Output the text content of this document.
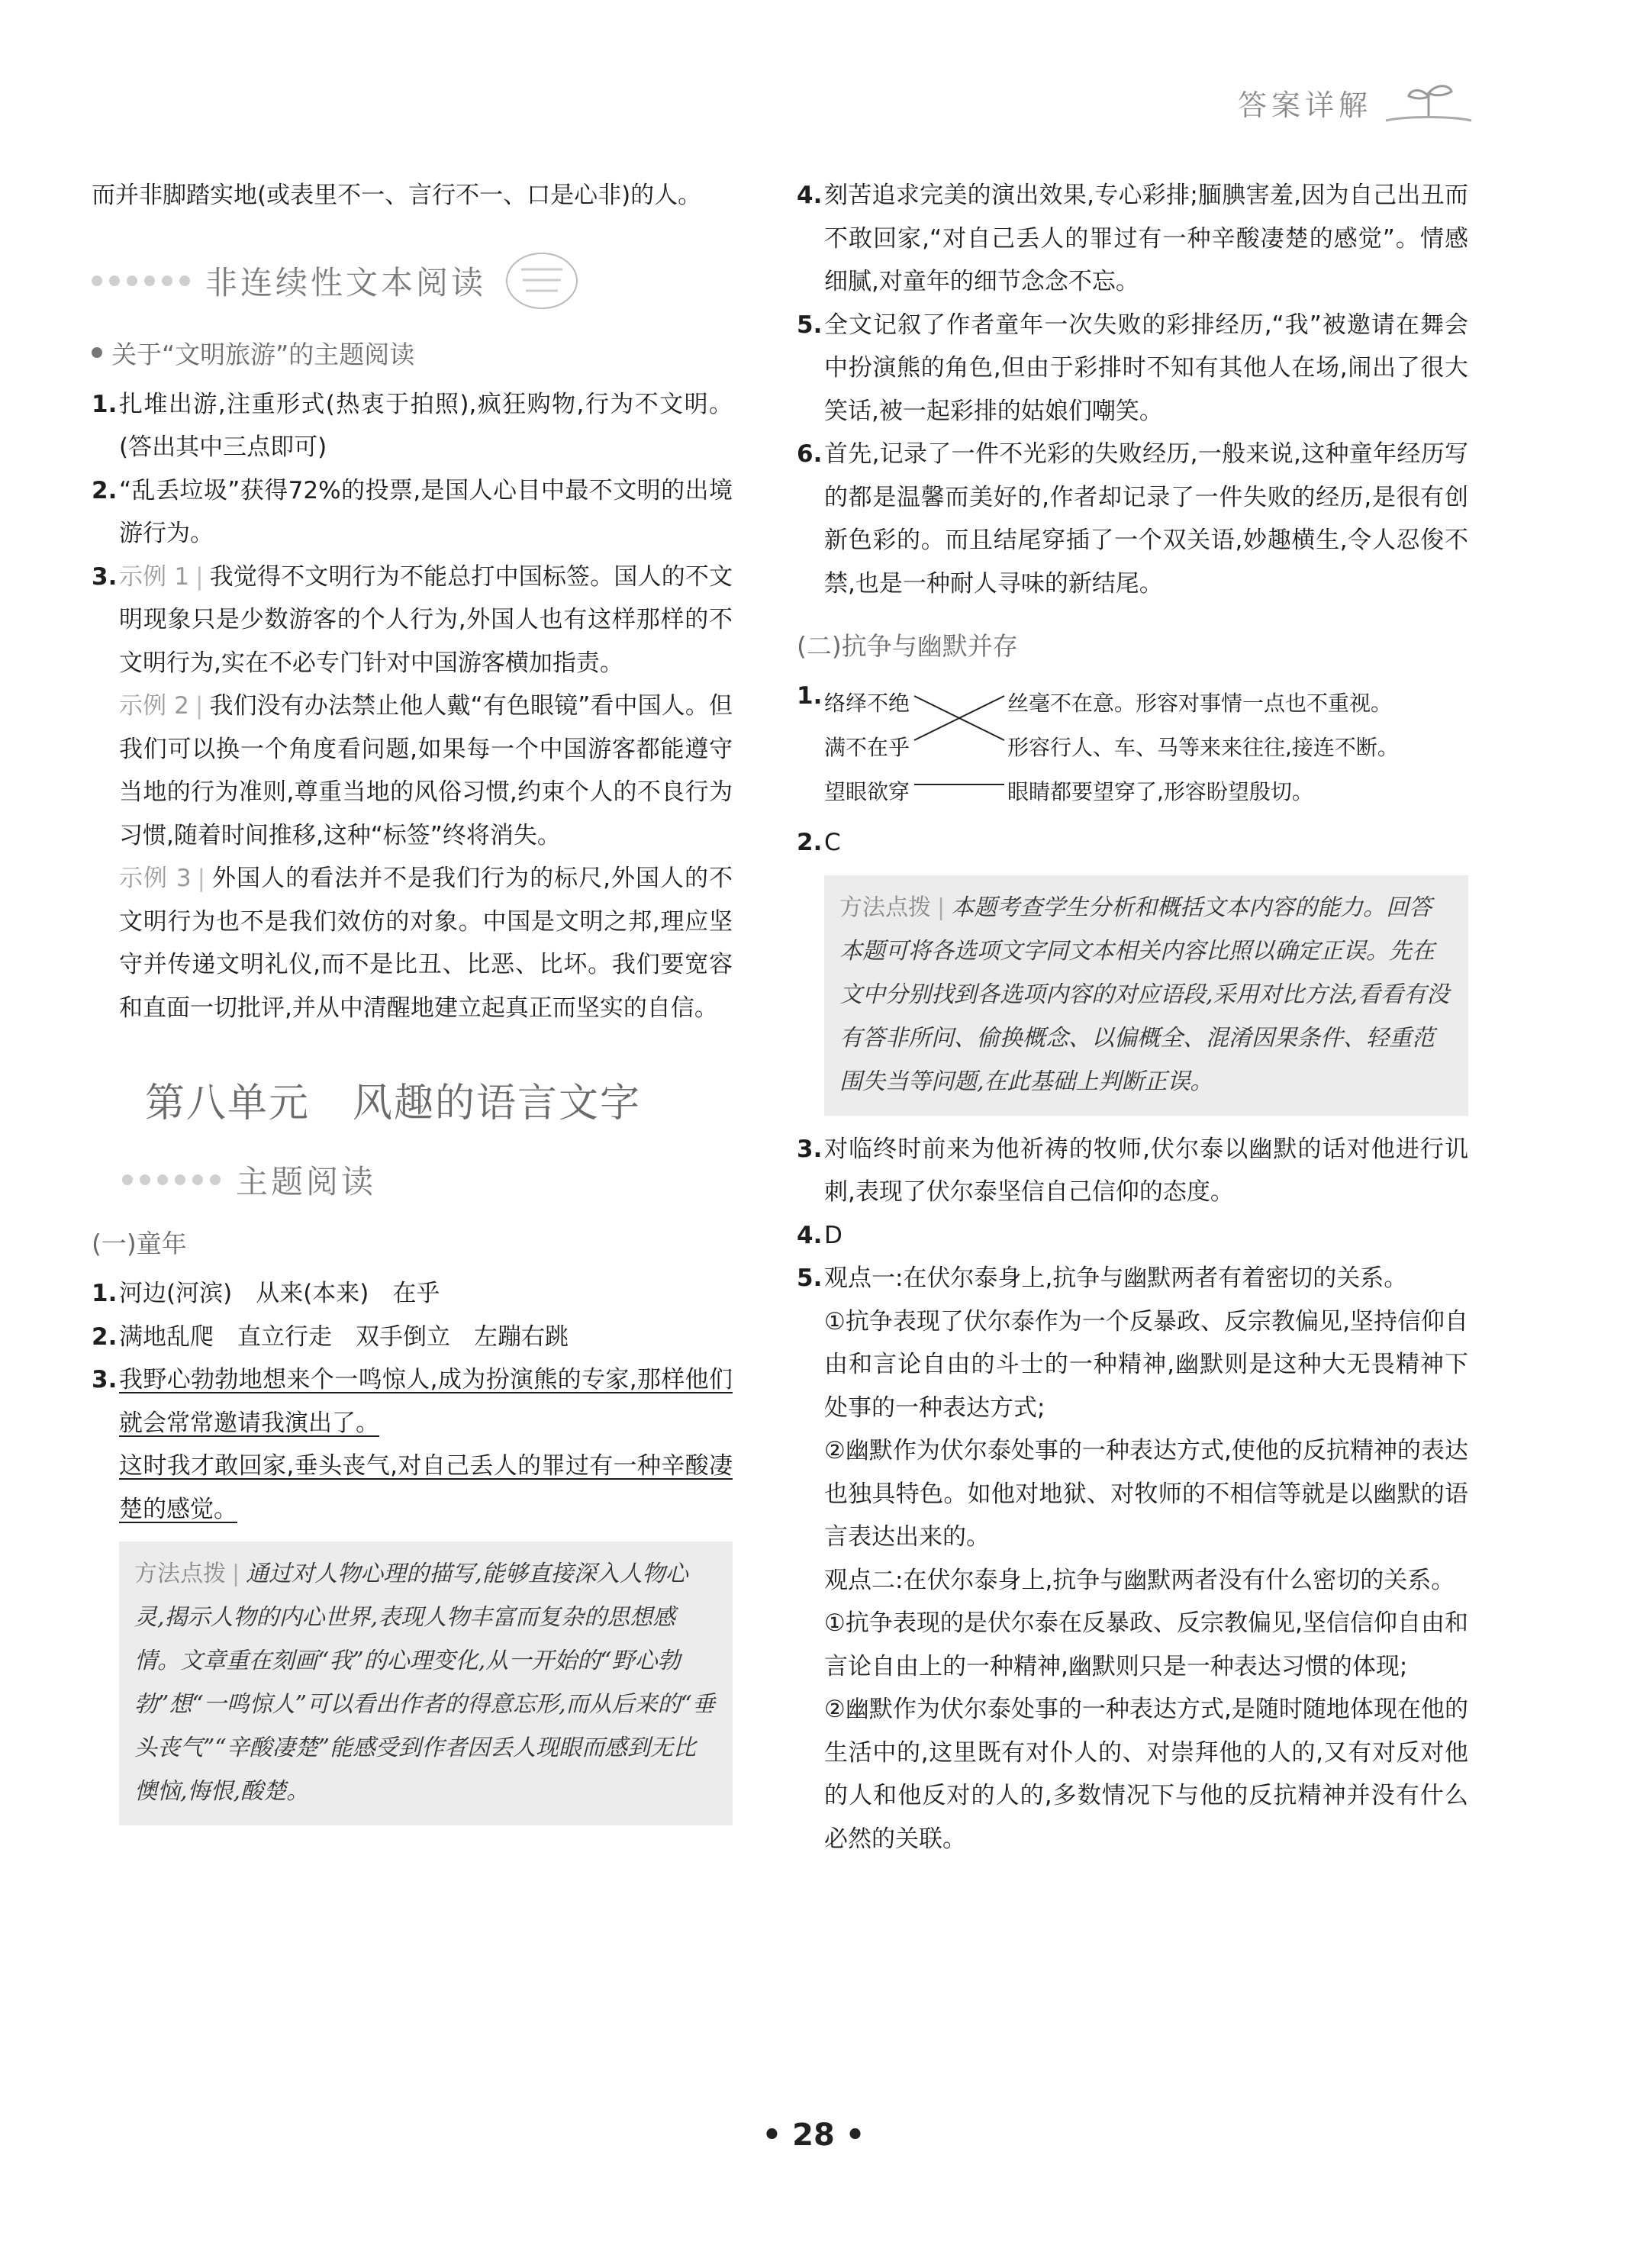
答案详解

而并非脚踏实地(或表里不一、言行不一、口是心非)的人。

非连续性文本阅读
关于“文明旅游”的主题阅读
1. 扎堆出游,注重形式(热衷于拍照),疯狂购物,行为不文明。(答出其中三点即可)
2. “乱丢垃圾”获得72%的投票,是国人心目中最不文明的出境游行为。
3. 示例 1 | 我觉得不文明行为不能总打中国标签。国人的不文明现象只是少数游客的个人行为,外国人也有这样那样的不文明行为,实在不必专门针对中国游客横加指责。
示例 2 | 我们没有办法禁止他人戴“有色眼镜”看中国人。但我们可以换一个角度看问题,如果每一个中国游客都能遵守当地的行为准则,尊重当地的风俗习惯,约束个人的不良行为习惯,随着时间推移,这种“标签”终将消失。
示例 3 | 外国人的看法并不是我们行为的标尺,外国人的不文明行为也不是我们效仿的对象。中国是文明之邦,理应坚守并传递文明礼仪,而不是比丑、比恶、比坏。我们要宽容和直面一切批评,并从中清醒地建立起真正而坚实的自信。
第八单元 风趣的语言文字
主题阅读
(一)童年
1. 河边(河滨)　从来(本来)　在乎
2. 满地乱爬　直立行走　双手倒立　左蹦右跳
3. 我野心勃勃地想来个一鸣惊人,成为扮演熊的专家,那样他们就会常常邀请我演出了。
这时我才敢回家,垂头丧气,对自己丢人的罪过有一种辛酸凄楚的感觉。
方法点拨 | 通过对人物心理的描写,能够直接深入人物心灵,揭示人物的内心世界,表现人物丰富而复杂的思想感情。文章重在刻画“我”的心理变化,从一开始的“野心勃勃”想“一鸣惊人”可以看出作者的得意忘形,而从后来的“垂头丧气”“辛酸凄楚”能感受到作者因丢人现眼而感到无比懊恼,悔恨,酸楚。
4. 刻苦追求完美的演出效果,专心彩排;腼腆害羞,因为自己出丑而不敢回家,“对自己丢人的罪过有一种辛酸凄楚的感觉”。情感细腻,对童年的细节念念不忘。
5. 全文记叙了作者童年一次失败的彩排经历,“我”被邀请在舞会中扮演熊的角色,但由于彩排时不知有其他人在场,闹出了很大笑话,被一起彩排的姑娘们嘲笑。
6. 首先,记录了一件不光彩的失败经历,一般来说,这种童年经历写的都是温馨而美好的,作者却记录了一件失败的经历,是很有创新色彩的。而且结尾穿插了一个双关语,妙趣横生,令人忍俊不禁,也是一种耐人寻味的新结尾。
(二)抗争与幽默并存
1. 络绎不绝
满不在乎
望眼欲穿
丝毫不在意。形容对事情一点也不重视。
形容行人、车、马等来来往往,接连不断。
眼睛都要望穿了,形容盼望殷切。
2. C
方法点拨 | 本题考查学生分析和概括文本内容的能力。回答本题可将各选项文字同文本相关内容比照以确定正误。先在文中分别找到各选项内容的对应语段,采用对比方法,看看有没有答非所问、偷换概念、以偏概全、混淆因果条件、轻重范围失当等问题,在此基础上判断正误。
3. 对临终时前来为他祈祷的牧师,伏尔泰以幽默的话对他进行讥刺,表现了伏尔泰坚信自己信仰的态度。
4. D
5. 观点一:在伏尔泰身上,抗争与幽默两者有着密切的关系。
①抗争表现了伏尔泰作为一个反暴政、反宗教偏见,坚持信仰自由和言论自由的斗士的一种精神,幽默则是这种大无畏精神下处事的一种表达方式;
②幽默作为伏尔泰处事的一种表达方式,使他的反抗精神的表达也独具特色。如他对地狱、对牧师的不相信等就是以幽默的语言表达出来的。
观点二:在伏尔泰身上,抗争与幽默两者没有什么密切的关系。
①抗争表现的是伏尔泰在反暴政、反宗教偏见,坚信信仰自由和言论自由上的一种精神,幽默则只是一种表达习惯的体现;
②幽默作为伏尔泰处事的一种表达方式,是随时随地体现在他的生活中的,这里既有对仆人的、对崇拜他的人的,又有对反对他的人和他反对的人的,多数情况下与他的反抗精神并没有什么必然的关联。
• 28 •
